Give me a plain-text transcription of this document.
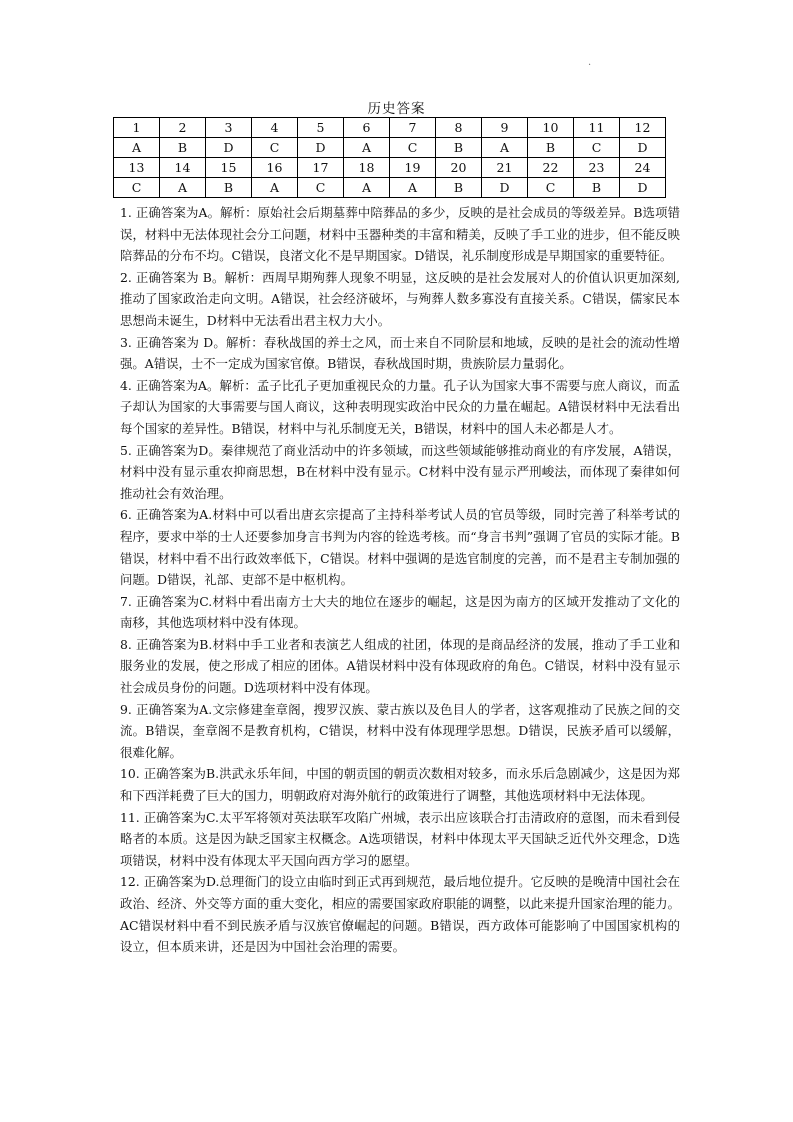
·
历史答案
1	2	3	4	5	6	7	8	9	10	11	12
A	B	D	C	D	A	C	B	A	B	C	D
13	14	15	16	17	18	19	20	21	22	23	24
C	A	B	A	C	A	A	B	D	C	B	D

1. 正确答案为A。解析：原始社会后期墓葬中陪葬品的多少，反映的是社会成员的等级差异。B选项错误，材料中无法体现社会分工问题，材料中玉器种类的丰富和精美，反映了手工业的进步，但不能反映陪葬品的分布不均。C错误，良渚文化不是早期国家。D错误，礼乐制度形成是早期国家的重要特征。

2. 正确答案为 B。解析：西周早期殉葬人现象不明显，这反映的是社会发展对人的价值认识更加深刻,推动了国家政治走向文明。A错误，社会经济破坏，与殉葬人数多寡没有直接关系。C错误，儒家民本思想尚未诞生，D材料中无法看出君主权力大小。

3. 正确答案为 D。解析：春秋战国的养士之风，而士来自不同阶层和地域，反映的是社会的流动性增强。A错误，士不一定成为国家官僚。B错误，春秋战国时期，贵族阶层力量弱化。

4. 正确答案为A。解析：孟子比孔子更加重视民众的力量。孔子认为国家大事不需要与庶人商议，而孟子却认为国家的大事需要与国人商议，这种表明现实政治中民众的力量在崛起。A错误材料中无法看出每个国家的差异性。B错误，材料中与礼乐制度无关，B错误，材料中的国人未必都是人才。

5. 正确答案为D。秦律规范了商业活动中的许多领域，而这些领域能够推动商业的有序发展，A错误，材料中没有显示重农抑商思想，B在材料中没有显示。C材料中没有显示严刑峻法，而体现了秦律如何推动社会有效治理。

6. 正确答案为A.材料中可以看出唐玄宗提高了主持科举考试人员的官员等级，同时完善了科举考试的程序，要求中举的士人还要参加身言书判为内容的铨选考核。而“身言书判”强调了官员的实际才能。B错误，材料中看不出行政效率低下，C错误。材料中强调的是选官制度的完善，而不是君主专制加强的问题。D错误，礼部、吏部不是中枢机构。

7. 正确答案为C.材料中看出南方士大夫的地位在逐步的崛起，这是因为南方的区域开发推动了文化的南移，其他选项材料中没有体现。

8. 正确答案为B.材料中手工业者和表演艺人组成的社团，体现的是商品经济的发展，推动了手工业和服务业的发展，使之形成了相应的团体。A错误材料中没有体现政府的角色。C错误，材料中没有显示社会成员身份的问题。D选项材料中没有体现。

9. 正确答案为A.文宗修建奎章阁，搜罗汉族、蒙古族以及色目人的学者，这客观推动了民族之间的交流。B错误，奎章阁不是教育机构，C错误，材料中没有体现理学思想。D错误，民族矛盾可以缓解，很难化解。

10. 正确答案为B.洪武永乐年间，中国的朝贡国的朝贡次数相对较多，而永乐后急剧减少，这是因为郑和下西洋耗费了巨大的国力，明朝政府对海外航行的政策进行了调整，其他选项材料中无法体现。

11. 正确答案为C.太平军将领对英法联军攻陷广州城，表示出应该联合打击清政府的意图，而未看到侵略者的本质。这是因为缺乏国家主权概念。A选项错误，材料中体现太平天国缺乏近代外交理念，D选项错误，材料中没有体现太平天国向西方学习的愿望。

12. 正确答案为D.总理衙门的设立由临时到正式再到规范，最后地位提升。它反映的是晚清中国社会在政治、经济、外交等方面的重大变化，相应的需要国家政府职能的调整，以此来提升国家治理的能力。AC错误材料中看不到民族矛盾与汉族官僚崛起的问题。B错误，西方政体可能影响了中国国家机构的设立，但本质来讲，还是因为中国社会治理的需要。
